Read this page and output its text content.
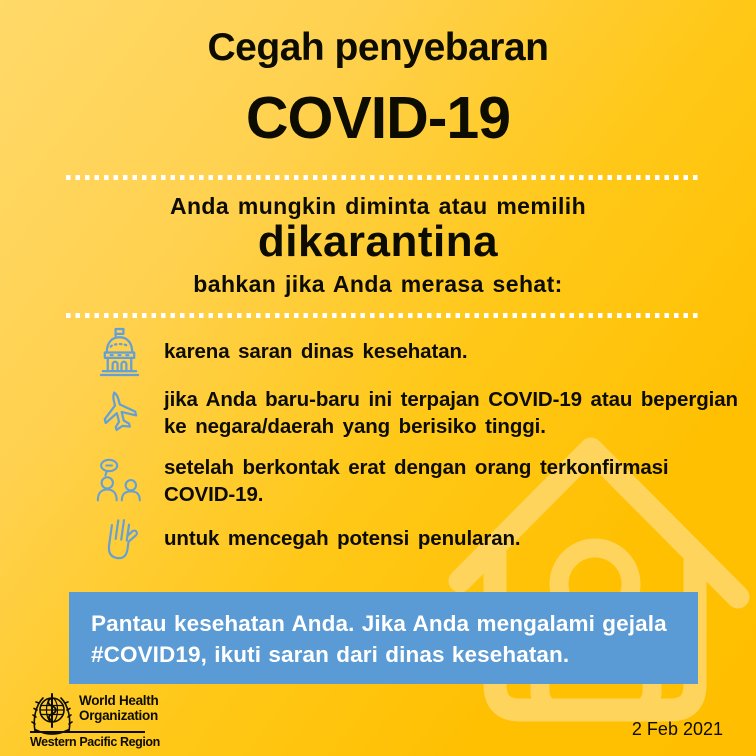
Cegah penyebaran
COVID-19
Anda mungkin diminta atau memilih
dikarantina
bahkan jika Anda merasa sehat:
karena saran dinas kesehatan.
jika Anda baru-baru ini terpajan COVID-19 atau bepergian
ke negara/daerah yang berisiko tinggi.
setelah berkontak erat dengan orang terkonfirmasi
COVID-19.
untuk mencegah potensi penularan.
Pantau kesehatan Anda. Jika Anda mengalami gejala
#COVID19, ikuti saran dari dinas kesehatan.
World Health
Organization
Western Pacific Region
2 Feb 2021
